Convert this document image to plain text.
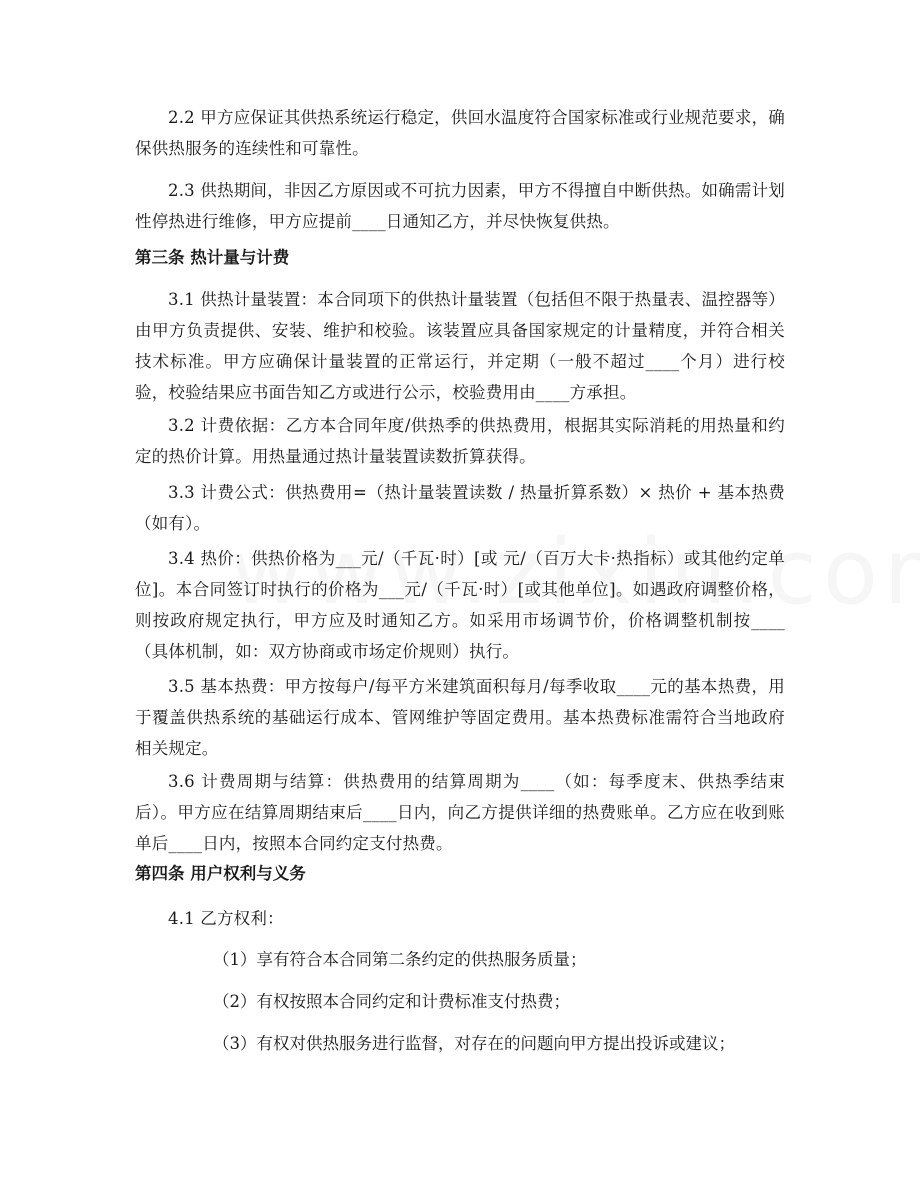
2.2 甲方应保证其供热系统运行稳定，供回水温度符合国家标准或行业规范要求，确保供热服务的连续性和可靠性。

2.3 供热期间，非因乙方原因或不可抗力因素，甲方不得擅自中断供热。如确需计划性停热进行维修，甲方应提前____日通知乙方，并尽快恢复供热。

第三条 热计量与计费

3.1 供热计量装置：本合同项下的供热计量装置（包括但不限于热量表、温控器等）由甲方负责提供、安装、维护和校验。该装置应具备国家规定的计量精度，并符合相关技术标准。甲方应确保计量装置的正常运行，并定期（一般不超过____个月）进行校验，校验结果应书面告知乙方或进行公示，校验费用由____方承担。

3.2 计费依据：乙方本合同年度/供热季的供热费用，根据其实际消耗的用热量和约定的热价计算。用热量通过热计量装置读数折算获得。

3.3 计费公式：供热费用=（热计量装置读数 / 热量折算系数）× 热价 + 基本热费（如有）。

3.4 热价：供热价格为___元/（千瓦·时）[或 元/（百万大卡·热指标）或其他约定单位]。本合同签订时执行的价格为___元/（千瓦·时）[或其他单位]。如遇政府调整价格，则按政府规定执行，甲方应及时通知乙方。如采用市场调节价，价格调整机制按____（具体机制，如：双方协商或市场定价规则）执行。

3.5 基本热费：甲方按每户/每平方米建筑面积每月/每季收取____元的基本热费，用于覆盖供热系统的基础运行成本、管网维护等固定费用。基本热费标准需符合当地政府相关规定。

3.6 计费周期与结算：供热费用的结算周期为____（如：每季度末、供热季结束后）。甲方应在结算周期结束后____日内，向乙方提供详细的热费账单。乙方应在收到账单后____日内，按照本合同约定支付热费。

第四条 用户权利与义务

4.1 乙方权利：

（1）享有符合本合同第二条约定的供热服务质量；

（2）有权按照本合同约定和计费标准支付热费；

（3）有权对供热服务进行监督，对存在的问题向甲方提出投诉或建议；
